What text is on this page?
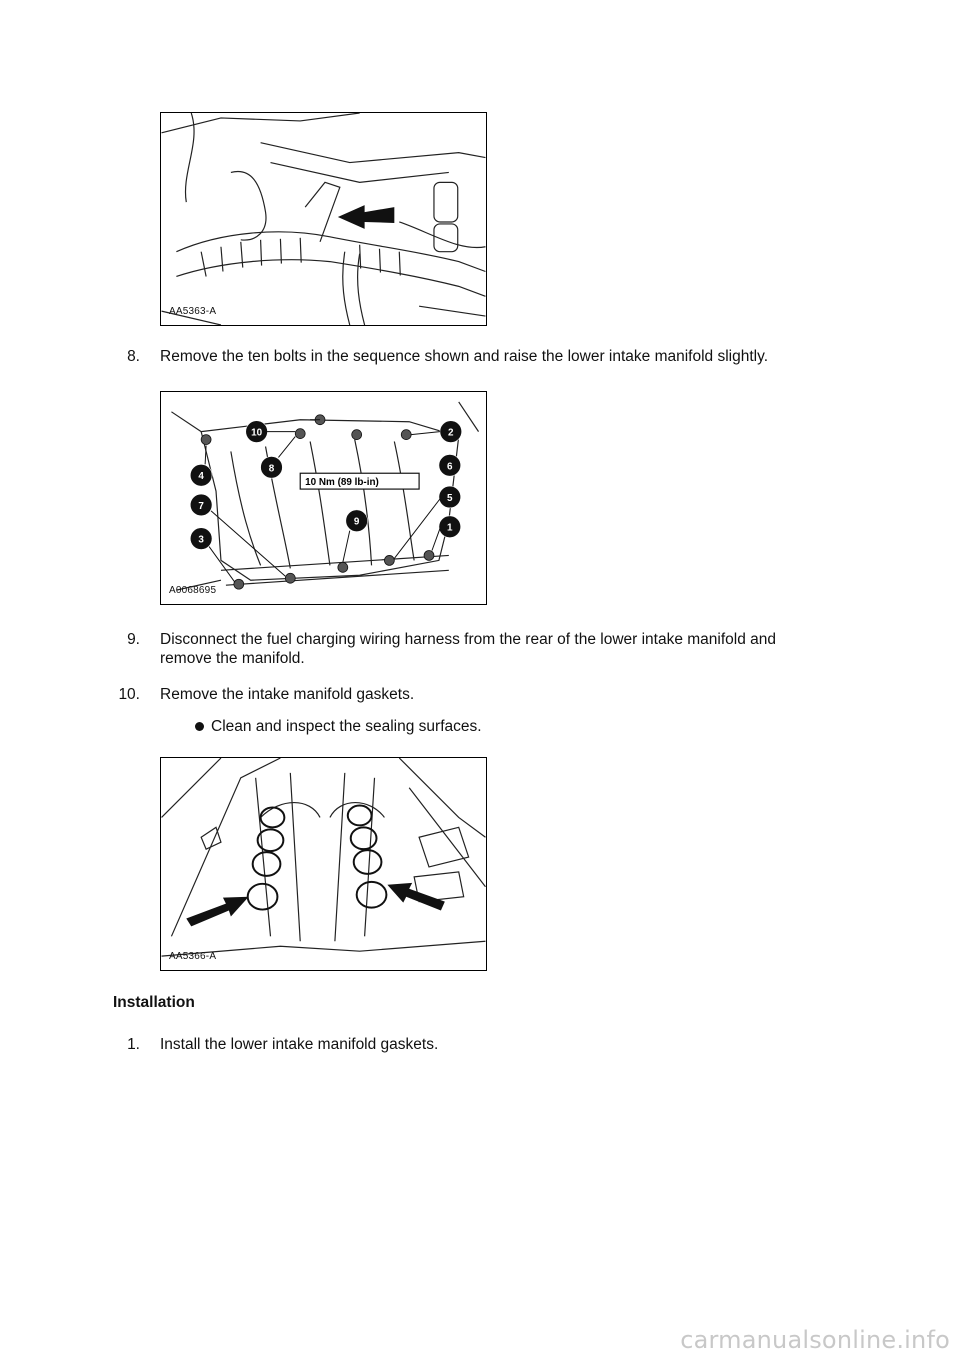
AA5363-A
8. Remove the ten bolts in the sequence shown and raise the lower intake manifold slightly.
10 Nm (89 lb-in)
10	2
4
8	6
5
7
9
1
3
A0068695
9. Disconnect the fuel charging wiring harness from the rear of the lower intake manifold and
remove the manifold.
10. Remove the intake manifold gaskets.
Clean and inspect the sealing surfaces.
AA5366-A
Installation
1. Install the lower intake manifold gaskets.
carmanualsonline.info
